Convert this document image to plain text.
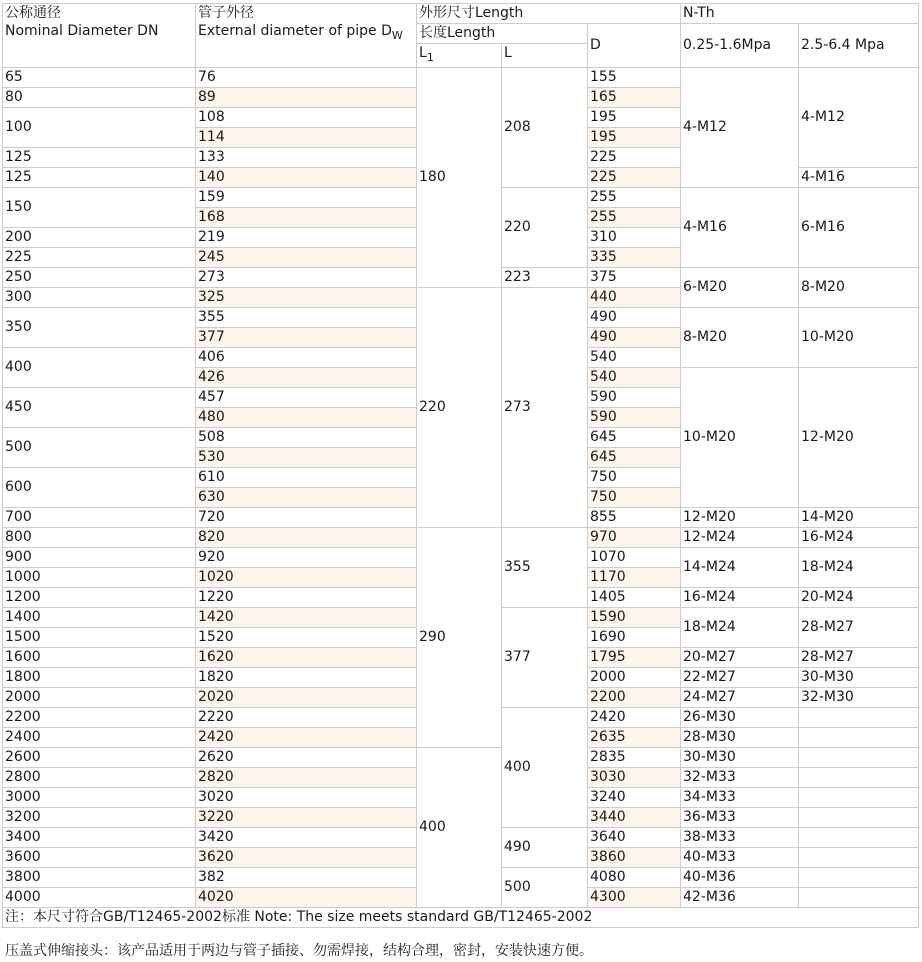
公称通径
Nominal Diameter DN	管子外径
External diameter of pipe $D_W$	外形尺寸Length			N-Th	
		长度Length		D	0.25-1.6Mpa	2.5-6.4 Mpa
		$L_1$	L			
65	76	180	208	155	4-M12	4-M12
80	89			165		
100	108			195		
	114			195		
125	133			225		
125	140			225		4-M16
150	159		220	255	4-M16	6-M16
	168			255		
200	219			310		
225	245			335		
250	273		223	375	6-M20	8-M20
300	325	220	273	440		
350	355			490	8-M20	10-M20
	377			490		
400	406			540		
	426			540	10-M20	12-M20
450	457			590		
	480			590		
500	508			645		
	530			645		
600	610			750		
	630			750		
700	720			855	12-M20	14-M20
800	820	290	355	970	12-M24	16-M24
900	920			1070	14-M24	18-M24
1000	1020			1170		
1200	1220			1405	16-M24	20-M24
1400	1420		377	1590	18-M24	28-M27
1500	1520			1690		
1600	1620			1795	20-M27	28-M27
1800	1820			2000	22-M27	30-M30
2000	2020			2200	24-M27	32-M30
2200	2220		400	2420	26-M30	
2400	2420			2635	28-M30	
2600	2620	400		2835	30-M30	
2800	2820			3030	32-M33	
3000	3020			3240	34-M33	
3200	3220			3440	36-M33	
3400	3420		490	3640	38-M33	
3600	3620			3860	40-M33	
3800	382		500	4080	40-M36	
4000	4020			4300	42-M36	
注：本尺寸符合GB/T12465-2002标准 Note: The size meets standard GB/T12465-2002						
压盖式伸缩接头：该产品适用于两边与管子插接、勿需焊接，结构合理，密封，安装快速方便。
